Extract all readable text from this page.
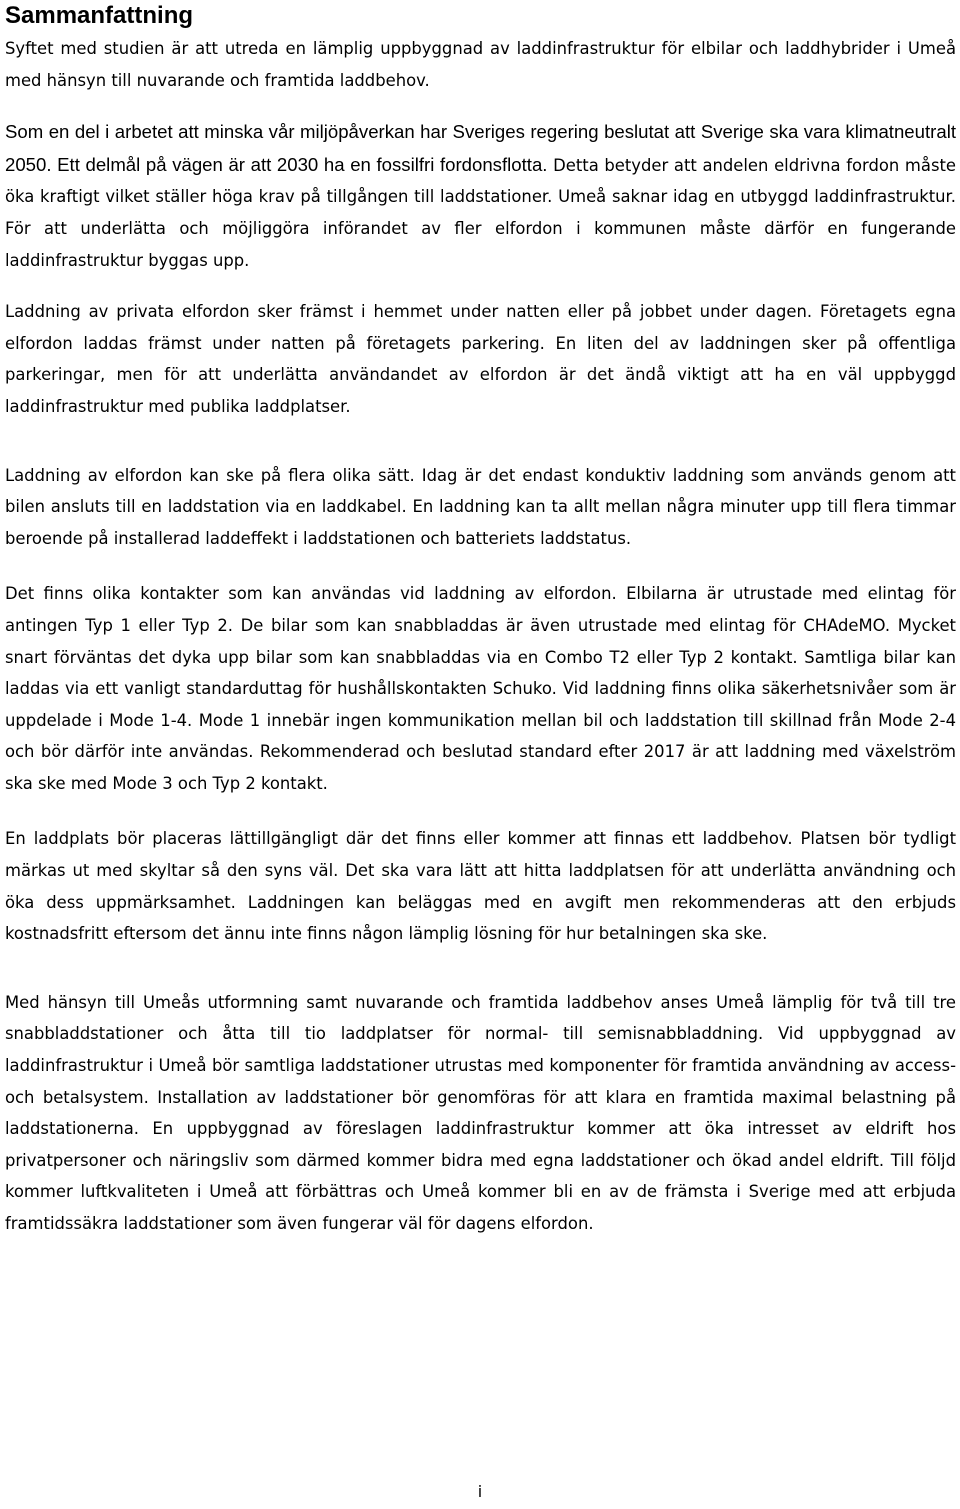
Sammanfattning

Syftet med studien är att utreda en lämplig uppbyggnad av laddinfrastruktur för elbilar och laddhybrider i Umeå med hänsyn till nuvarande och framtida laddbehov.

Som en del i arbetet att minska vår miljöpåverkan har Sveriges regering beslutat att Sverige ska vara klimatneutralt 2050. Ett delmål på vägen är att 2030 ha en fossilfri fordonsflotta. Detta betyder att andelen eldrivna fordon måste öka kraftigt vilket ställer höga krav på tillgången till laddstationer. Umeå saknar idag en utbyggd laddinfrastruktur. För att underlätta och möjliggöra införandet av fler elfordon i kommunen måste därför en fungerande laddinfrastruktur byggas upp.

Laddning av privata elfordon sker främst i hemmet under natten eller på jobbet under dagen. Företagets egna elfordon laddas främst under natten på företagets parkering. En liten del av laddningen sker på offentliga parkeringar, men för att underlätta användandet av elfordon är det ändå viktigt att ha en väl uppbyggd laddinfrastruktur med publika laddplatser.

Laddning av elfordon kan ske på flera olika sätt. Idag är det endast konduktiv laddning som används genom att bilen ansluts till en laddstation via en laddkabel. En laddning kan ta allt mellan några minuter upp till flera timmar beroende på installerad laddeffekt i laddstationen och batteriets laddstatus.

Det finns olika kontakter som kan användas vid laddning av elfordon. Elbilarna är utrustade med elintag för antingen Typ 1 eller Typ 2. De bilar som kan snabbladdas är även utrustade med elintag för CHAdeMO. Mycket snart förväntas det dyka upp bilar som kan snabbladdas via en Combo T2 eller Typ 2 kontakt. Samtliga bilar kan laddas via ett vanligt standarduttag för hushållskontakten Schuko. Vid laddning finns olika säkerhetsnivåer som är uppdelade i Mode 1-4. Mode 1 innebär ingen kommunikation mellan bil och laddstation till skillnad från Mode 2-4 och bör därför inte användas. Rekommenderad och beslutad standard efter 2017 är att laddning med växelström ska ske med Mode 3 och Typ 2 kontakt.

En laddplats bör placeras lättillgängligt där det finns eller kommer att finnas ett laddbehov. Platsen bör tydligt märkas ut med skyltar så den syns väl. Det ska vara lätt att hitta laddplatsen för att underlätta användning och öka dess uppmärksamhet. Laddningen kan beläggas med en avgift men rekommenderas att den erbjuds kostnadsfritt eftersom det ännu inte finns någon lämplig lösning för hur betalningen ska ske.

Med hänsyn till Umeås utformning samt nuvarande och framtida laddbehov anses Umeå lämplig för två till tre snabbladdstationer och åtta till tio laddplatser för normal- till semisnabbladdning. Vid uppbyggnad av laddinfrastruktur i Umeå bör samtliga laddstationer utrustas med komponenter för framtida användning av access- och betalsystem. Installation av laddstationer bör genomföras för att klara en framtida maximal belastning på laddstationerna. En uppbyggnad av föreslagen laddinfrastruktur kommer att öka intresset av eldrift hos privatpersoner och näringsliv som därmed kommer bidra med egna laddstationer och ökad andel eldrift. Till följd kommer luftkvaliteten i Umeå att förbättras och Umeå kommer bli en av de främsta i Sverige med att erbjuda framtidssäkra laddstationer som även fungerar väl för dagens elfordon.

i
